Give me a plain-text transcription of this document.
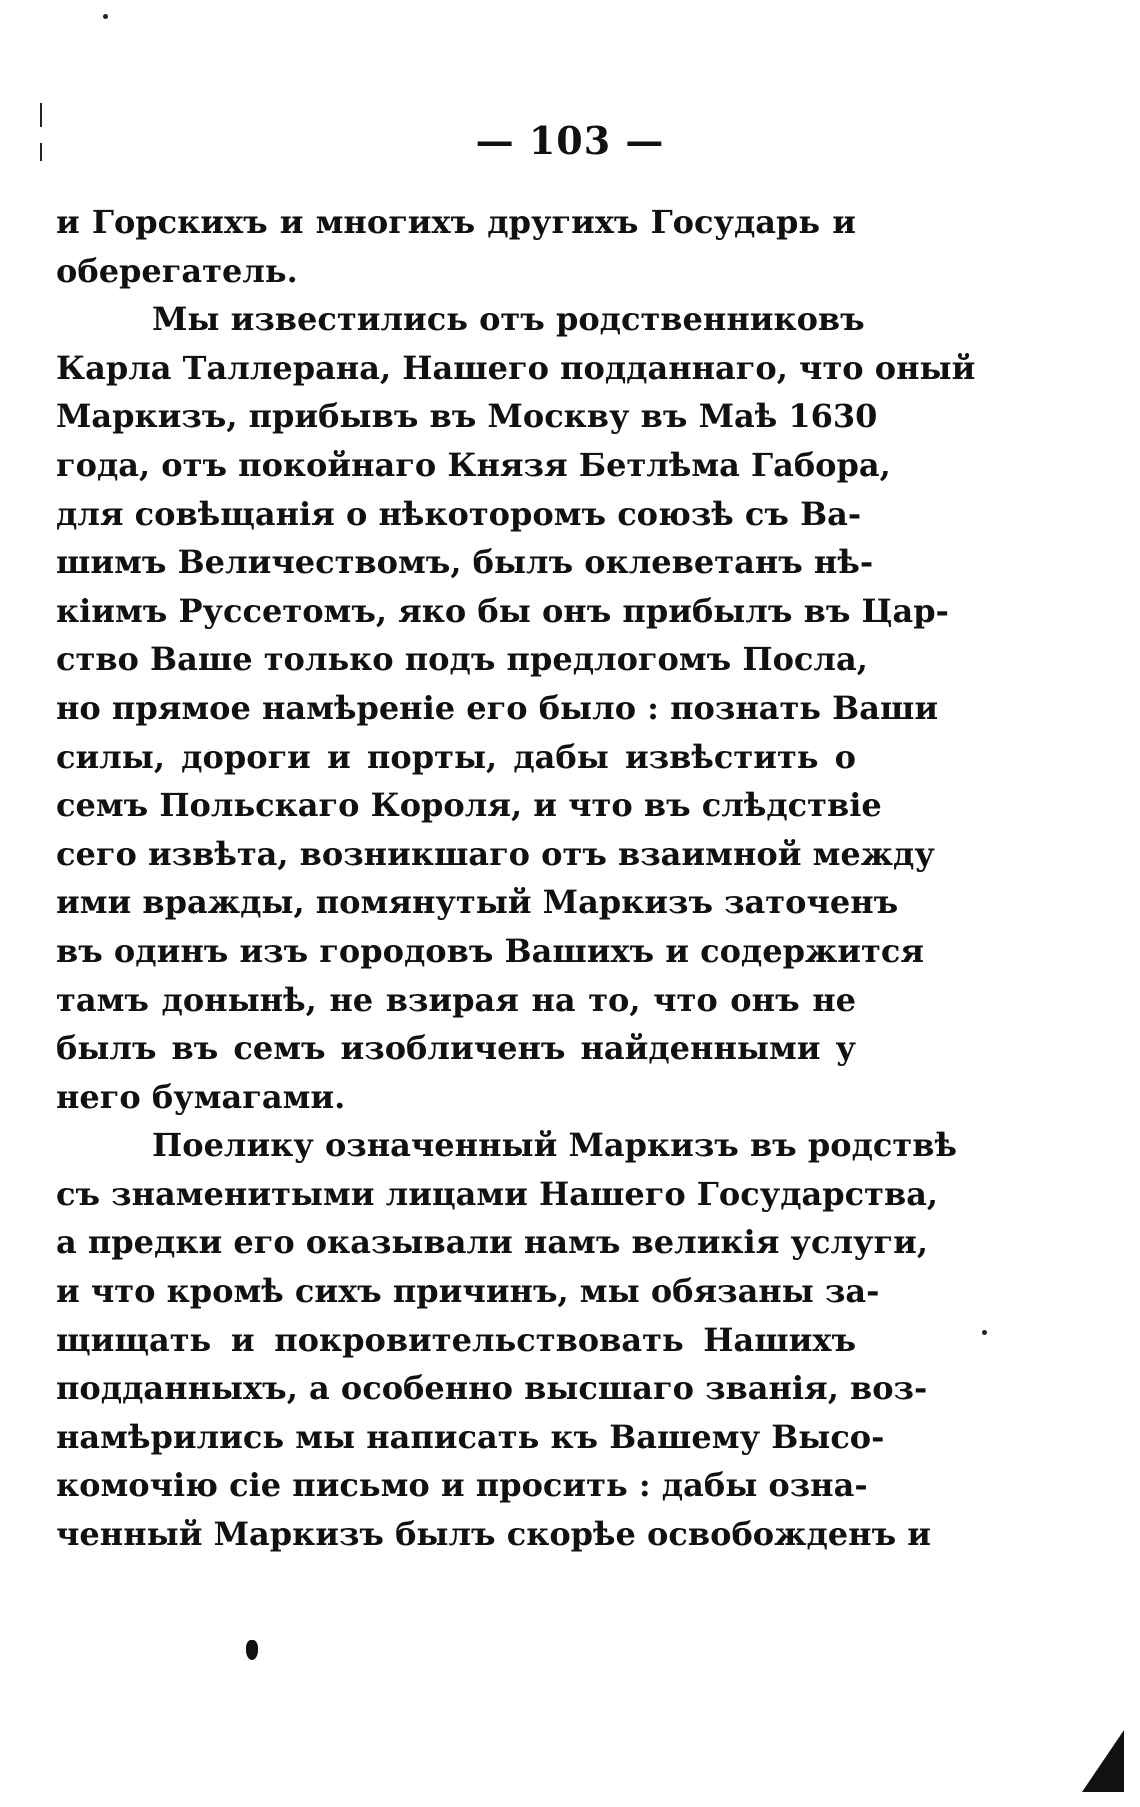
— 103 —
и Горскихъ и многихъ другихъ Государь и
оберегатель.
Мы известились отъ родственниковъ
Карла Таллерана, Нашего подданнаго, что оный
Маркизъ, прибывъ въ Москву въ Маѣ 1630
года, отъ покойнаго Князя Бетлѣма Габора,
для совѣщанія о нѣкоторомъ союзѣ съ Ва-
шимъ Величествомъ, былъ оклеветанъ нѣ-
кіимъ Руссетомъ, яко бы онъ прибылъ въ Цар-
ство Ваше только подъ предлогомъ Посла,
но прямое намѣреніе его было : познать Ваши
силы, дороги и порты, дабы извѣстить о
семъ Польскаго Короля, и что въ слѣдствіе
сего извѣта, возникшаго отъ взаимной между
ими вражды, помянутый Маркизъ заточенъ
въ одинъ изъ городовъ Вашихъ и содержится
тамъ донынѣ, не взирая на то, что онъ не
былъ въ семъ изобличенъ найденными у
него бумагами.
Поелику означенный Маркизъ въ родствѣ
съ знаменитыми лицами Нашего Государства,
а предки его оказывали намъ великія услуги,
и что кромѣ сихъ причинъ, мы обязаны за-
щищать и покровительствовать Нашихъ
подданныхъ, а особенно высшаго званія, воз-
намѣрились мы написать къ Вашему Высо-
комочію сіе письмо и просить : дабы озна-
ченный Маркизъ былъ скорѣе освобожденъ и
